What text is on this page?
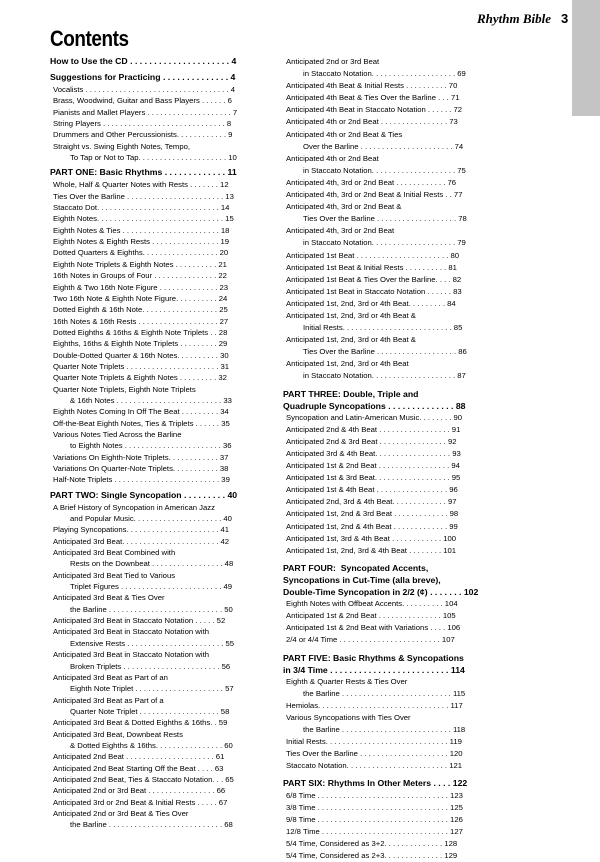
Rhythm Bible 3
Contents
How to Use the CD . . . . . . . . . . . . . . . . . . . . . 4
Suggestions for Practicing . . . . . . . . . . . . . . 4
Vocalists . . . . . . . . . . . . . . . . . . . . . . . . . . . . . . . . . . 4
Brass, Woodwind, Guitar and Bass Players . . . . . . 6
Pianists and Mallet Players . . . . . . . . . . . . . . . . . . . . 7
String Players . . . . . . . . . . . . . . . . . . . . . . . . . . . . . 8
Drummers and Other Percussionists. . . . . . . . . . . . 9
Straight vs. Swing Eighth Notes, Tempo,
To Tap or Not to Tap. . . . . . . . . . . . . . . . . . . . . 10
PART ONE: Basic Rhythms . . . . . . . . . . . . . 11
Whole, Half & Quarter Notes with Rests . . . . . . . 12
Ties Over the Barline . . . . . . . . . . . . . . . . . . . . . . . 13
Staccato Dot. . . . . . . . . . . . . . . . . . . . . . . . . . . . . 14
Eighth Notes. . . . . . . . . . . . . . . . . . . . . . . . . . . . . . 15
Eighth Notes & Ties . . . . . . . . . . . . . . . . . . . . . . . 18
Eighth Notes & Eighth Rests . . . . . . . . . . . . . . . . 19
Dotted Quarters & Eighths. . . . . . . . . . . . . . . . . . 20
Eighth Note Triplets & Eighth Notes . . . . . . . . . . 21
16th Notes in Groups of Four . . . . . . . . . . . . . . . 22
Eighth & Two 16th Note Figure . . . . . . . . . . . . . . 23
Two 16th Note & Eighth Note Figure. . . . . . . . . . 24
Dotted Eighth & 16th Note. . . . . . . . . . . . . . . . . . 25
16th Notes & 16th Rests . . . . . . . . . . . . . . . . . . . 27
Dotted Eighths & 16ths & Eighth Note Triplets . . 28
Eighths, 16ths & Eighth Note Triplets . . . . . . . . . 29
Double-Dotted Quarter & 16th Notes. . . . . . . . . . 30
Quarter Note Triplets . . . . . . . . . . . . . . . . . . . . . . 31
Quarter Note Triplets & Eighth Notes . . . . . . . . . 32
Quarter Note Triplets, Eighth Note Triplets
& 16th Notes . . . . . . . . . . . . . . . . . . . . . . . . . 33
Eighth Notes Coming In Off The Beat . . . . . . . . . 34
Off-the-Beat Eighth Notes, Ties & Triplets . . . . . . 35
Various Notes Tied Across the Barline
to Eighth Notes . . . . . . . . . . . . . . . . . . . . . . . 36
Variations On Eighth-Note Triplets. . . . . . . . . . . . 37
Variations On Quarter-Note Triplets. . . . . . . . . . . 38
Half-Note Triplets . . . . . . . . . . . . . . . . . . . . . . . . . 39
PART TWO: Single Syncopation . . . . . . . . . 40
A Brief History of Syncopation in American Jazz
and Popular Music. . . . . . . . . . . . . . . . . . . . . 40
Playing Syncopations. . . . . . . . . . . . . . . . . . . . . . 41
Anticipated 3rd Beat. . . . . . . . . . . . . . . . . . . . . . . 42
Anticipated 3rd Beat Combined with
Rests on the Downbeat . . . . . . . . . . . . . . . . . 48
Anticipated 3rd Beat Tied to Various
Triplet Figures . . . . . . . . . . . . . . . . . . . . . . . . 49
Anticipated 3rd Beat & Ties Over
the Barline . . . . . . . . . . . . . . . . . . . . . . . . . . . 50
Anticipated 3rd Beat in Staccato Notation . . . . . 52
Anticipated 3rd Beat in Staccato Notation with
Extensive Rests . . . . . . . . . . . . . . . . . . . . . . . 55
Anticipated 3rd Beat in Staccato Notation with
Broken Triplets . . . . . . . . . . . . . . . . . . . . . . . 56
Anticipated 3rd Beat as Part of an
Eighth Note Triplet . . . . . . . . . . . . . . . . . . . . . 57
Anticipated 3rd Beat as Part of a
Quarter Note Triplet . . . . . . . . . . . . . . . . . . . 58
Anticipated 3rd Beat & Dotted Eighths & 16ths. . 59
Anticipated 3rd Beat, Downbeat Rests
& Dotted Eighths & 16ths. . . . . . . . . . . . . . . . 60
Anticipated 2nd Beat . . . . . . . . . . . . . . . . . . . . . 61
Anticipated 2nd Beat Starting Off the Beat . . . . 63
Anticipated 2nd Beat, Ties & Staccato Notation. . . 65
Anticipated 2nd or 3rd Beat . . . . . . . . . . . . . . . . 66
Anticipated 3rd or 2nd Beat & Initial Rests . . . . . 67
Anticipated 2nd or 3rd Beat & Ties Over
the Barline . . . . . . . . . . . . . . . . . . . . . . . . . . . 68
Anticipated 2nd or 3rd Beat
in Staccato Notation. . . . . . . . . . . . . . . . . . . . 69
Anticipated 4th Beat & Initial Rests . . . . . . . . . . 70
Anticipated 4th Beat & Ties Over the Barline . . . 71
Anticipated 4th Beat in Staccato Notation . . . . . . 72
Anticipated 4th or 2nd Beat . . . . . . . . . . . . . . . . 73
Anticipated 4th or 2nd Beat & Ties
Over the Barline . . . . . . . . . . . . . . . . . . . . . . 74
Anticipated 4th or 2nd Beat
in Staccato Notation. . . . . . . . . . . . . . . . . . . . 75
Anticipated 4th, 3rd or 2nd Beat . . . . . . . . . . . . 76
Anticipated 4th, 3rd or 2nd Beat & Initial Rests . . 77
Anticipated 4th, 3rd or 2nd Beat &
Ties Over the Barline . . . . . . . . . . . . . . . . . . . 78
Anticipated 4th, 3rd or 2nd Beat
in Staccato Notation. . . . . . . . . . . . . . . . . . . . 79
Anticipated 1st Beat . . . . . . . . . . . . . . . . . . . . . . 80
Anticipated 1st Beat & Initial Rests . . . . . . . . . . 81
Anticipated 1st Beat & Ties Over the Barline. . . . 82
Anticipated 1st Beat in Staccato Notation . . . . . . 83
Anticipated 1st, 2nd, 3rd or 4th Beat. . . . . . . . . 84
Anticipated 1st, 2nd, 3rd or 4th Beat &
Initial Rests. . . . . . . . . . . . . . . . . . . . . . . . . . 85
Anticipated 1st, 2nd, 3rd or 4th Beat &
Ties Over the Barline . . . . . . . . . . . . . . . . . . . 86
Anticipated 1st, 2nd, 3rd or 4th Beat
in Staccato Notation. . . . . . . . . . . . . . . . . . . . 87
PART THREE: Double, Triple and
Quadruple Syncopations . . . . . . . . . . . . . . 88
Syncopation and Latin-American Music. . . . . . . . 90
Anticipated 2nd & 4th Beat . . . . . . . . . . . . . . . . . 91
Anticipated 2nd & 3rd Beat . . . . . . . . . . . . . . . . 92
Anticipated 3rd & 4th Beat. . . . . . . . . . . . . . . . . . 93
Anticipated 1st & 2nd Beat . . . . . . . . . . . . . . . . . 94
Anticipated 1st & 3rd Beat. . . . . . . . . . . . . . . . . . 95
Anticipated 1st & 4th Beat . . . . . . . . . . . . . . . . . 96
Anticipated 2nd, 3rd & 4th Beat. . . . . . . . . . . . . 97
Anticipated 1st, 2nd & 3rd Beat . . . . . . . . . . . . . 98
Anticipated 1st, 2nd & 4th Beat . . . . . . . . . . . . . 99
Anticipated 1st, 3rd & 4th Beat . . . . . . . . . . . . 100
Anticipated 1st, 2nd, 3rd & 4th Beat . . . . . . . . 101
PART FOUR:  Syncopated Accents,
Syncopations in Cut-Time (alla breve),
Double-Time Syncopation in 2/2 (¢) . . . . . . . 102
Eighth Notes with Offbeat Accents. . . . . . . . . . 104
Anticipated 1st & 2nd Beat . . . . . . . . . . . . . . . 105
Anticipated 1st & 2nd Beat with Variations . . . . 106
2/4 or 4/4 Time . . . . . . . . . . . . . . . . . . . . . . . . 107
PART FIVE: Basic Rhythms & Syncopations
in 3/4 Time . . . . . . . . . . . . . . . . . . . . . . . . . 114
Eighth & Quarter Rests & Ties Over
the Barline . . . . . . . . . . . . . . . . . . . . . . . . . . 115
Hemiolas. . . . . . . . . . . . . . . . . . . . . . . . . . . . . . . 117
Various Syncopations with Ties Over
the Barline . . . . . . . . . . . . . . . . . . . . . . . . . . 118
Initial Rests. . . . . . . . . . . . . . . . . . . . . . . . . . . . . 119
Ties Over the Barline . . . . . . . . . . . . . . . . . . . . . 120
Staccato Notation. . . . . . . . . . . . . . . . . . . . . . . . 121
PART SIX: Rhythms In Other Meters . . . . 122
6/8 Time . . . . . . . . . . . . . . . . . . . . . . . . . . . . . . . 123
3/8 Time . . . . . . . . . . . . . . . . . . . . . . . . . . . . . . . 125
9/8 Time . . . . . . . . . . . . . . . . . . . . . . . . . . . . . . . 126
12/8 Time . . . . . . . . . . . . . . . . . . . . . . . . . . . . . . 127
5/4 Time, Considered as 3+2. . . . . . . . . . . . . . 128
5/4 Time, Considered as 2+3. . . . . . . . . . . . . . 129
